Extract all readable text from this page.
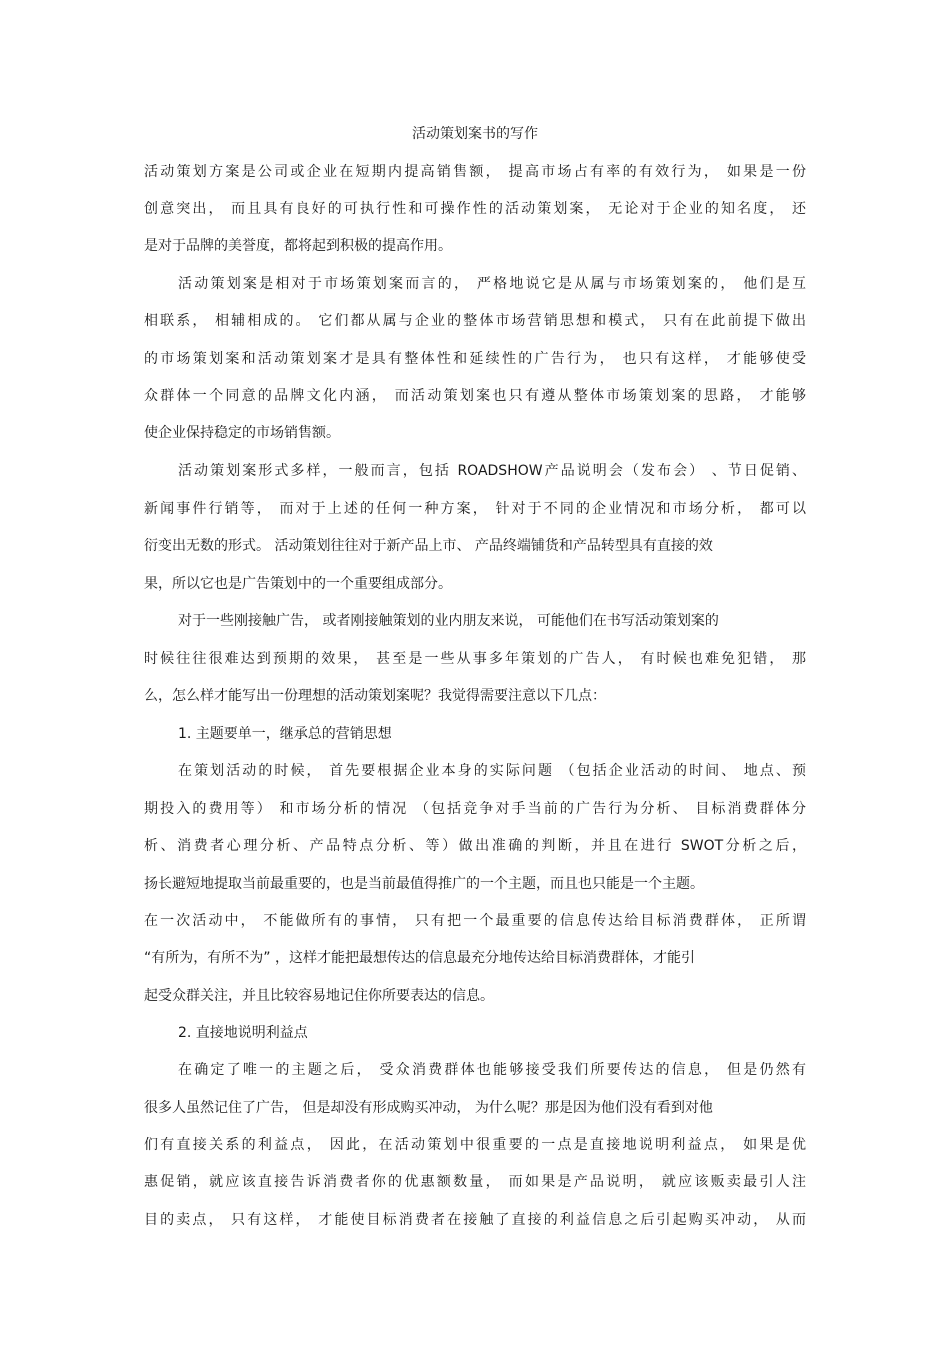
活动策划案书的写作
活动策划方案是公司或企业在短期内提高销售额， 提高市场占有率的有效行为， 如果是一份
创意突出， 而且具有良好的可执行性和可操作性的活动策划案， 无论对于企业的知名度， 还
是对于品牌的美誉度，都将起到积极的提高作用。
活动策划案是相对于市场策划案而言的， 严格地说它是从属与市场策划案的， 他们是互
相联系， 相辅相成的。 它们都从属与企业的整体市场营销思想和模式， 只有在此前提下做出
的市场策划案和活动策划案才是具有整体性和延续性的广告行为， 也只有这样， 才能够使受
众群体一个同意的品牌文化内涵， 而活动策划案也只有遵从整体市场策划案的思路， 才能够
使企业保持稳定的市场销售额。
活动策划案形式多样，一般而言，包括 ROADSHOW产品说明会（发布会） 、节日促销、
新闻事件行销等， 而对于上述的任何一种方案， 针对于不同的企业情况和市场分析， 都可以
衍变出无数的形式。 活动策划往往对于新产品上市、 产品终端铺货和产品转型具有直接的效
果，所以它也是广告策划中的一个重要组成部分。
对于一些刚接触广告， 或者刚接触策划的业内朋友来说， 可能他们在书写活动策划案的
时候往往很难达到预期的效果， 甚至是一些从事多年策划的广告人， 有时候也难免犯错， 那
么，怎么样才能写出一份理想的活动策划案呢？我觉得需要注意以下几点：
1. 主题要单一，继承总的营销思想
在策划活动的时候， 首先要根据企业本身的实际问题 （包括企业活动的时间、 地点、预
期投入的费用等） 和市场分析的情况 （包括竞争对手当前的广告行为分析、 目标消费群体分
析、消费者心理分析、产品特点分析、等）做出准确的判断，并且在进行 SWOT分析之后，
扬长避短地提取当前最重要的，也是当前最值得推广的一个主题，而且也只能是一个主题。
在一次活动中， 不能做所有的事情， 只有把一个最重要的信息传达给目标消费群体， 正所谓
“有所为，有所不为” ，这样才能把最想传达的信息最充分地传达给目标消费群体，才能引
起受众群关注，并且比较容易地记住你所要表达的信息。
2. 直接地说明利益点
在确定了唯一的主题之后， 受众消费群体也能够接受我们所要传达的信息， 但是仍然有
很多人虽然记住了广告， 但是却没有形成购买冲动， 为什么呢？那是因为他们没有看到对他
们有直接关系的利益点， 因此，在活动策划中很重要的一点是直接地说明利益点， 如果是优
惠促销，就应该直接告诉消费者你的优惠额数量， 而如果是产品说明， 就应该贩卖最引人注
目的卖点， 只有这样， 才能使目标消费者在接触了直接的利益信息之后引起购买冲动， 从而
